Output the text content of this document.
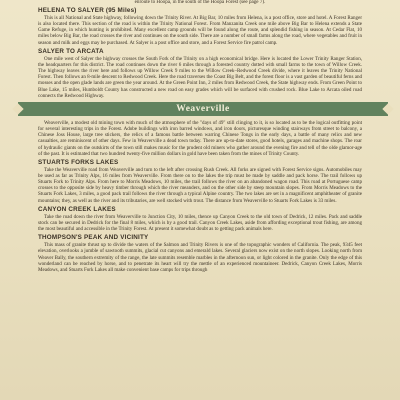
enroute to Hoopa, in the south of the Hoopa Forest (see page 7).
HELENA TO SALYER (95 Miles)

This is all National and State highway, following down the Trinity River. At Big Bar, 10 miles from Helena, is a post office, store and hotel. A Forest Ranger is also located there. This section of the road is within the Trinity National Forest. From Manzanita Creek one mile above Big Bar to Helena extends a State Game Refuge, in which hunting is prohibited. Many excellent camp grounds will be found along the route, and splendid fishing in season. At Cedar Flat, 10 miles below Big Bar, the road crosses the river and continues on the south side. There are a number of small farms along the road, where vegetables and fruit in season and milk and eggs may be purchased. At Salyer is a post office and store, and a Forest Service fire patrol camp.

SALYER TO ARCATA

One mile west of Salyer the highway crosses the South Fork of the Trinity on a high economical bridge. Here is located the Lower Trinity Ranger Station, the headquarters for this district. The road continues down the river 6 miles through a forested country dotted with small farms to the town of Willow Creek. The highway leaves the river here and follows up Willow Creek 9 miles to the Willow Creek–Redwood Creek divide, where it leaves the Trinity National Forest. Then follows an 8-mile descent to Redwood Creek. Here the road traverses the Coast Big Belt, and the forest floor is a vast garden of beautiful ferns and mosses and the open glade lands are green the year around. At the Green Point Inn, 2 miles from Redwood Creek, the State highway ends. From Green Point to Blue Lake, 15 miles, Humboldt County has constructed a new road on easy grades which will be surfaced with crushed rock. Blue Lake to Arcata oiled road connects the Redwood Highway.

Weaverville

Weaverville, a modest old mining town with much of the atmosphere of the "days of 49" still clinging to it, is so located as to be the logical outfitting point for several interesting trips in the Forest. Adobe buildings with iron barred windows, and iron doors, picturesque winding stairways from street to balcony, a Chinese Joss House, large tree stickers, the relics of a famous battle between warring Chinese Tongs in the early days, a battle of many relics and new casualties, are reminiscent of other days. Few in Weaverville a dead town today. There are up-to-date stores, good hotels, garages and machine shops. The roar of hydraulic giants on the outskirts of the town still makes music for the prudent old miners who gather around the evening fire and tell of the olde glamor-age of the past. It is estimated that two hundred twenty-five million dollars in gold have been taken from the mines of Trinity County.

STUARTS FORKS LAKES

Take the Weaverville road from Weaverville and turn to the left after crossing Rush Creek. All forks are signed with Forest Service signs. Automobiles may be used as far as Trinity Alps, 16 miles from Weaverville. From there on to the lakes the trip must be made by saddle and pack horse. The trail follows up Stuarts Fork to Trinity Alps. From here to Morris Meadows, 10 miles, the trail follows the river on an abandoned wagon road. This road at Portuguese camp crosses to the opposite side by heavy timber through which the river meanders, and on the other side by steep mountain slopes. From Morris Meadows to the Stuarts Fork Lakes, 3 miles, a good pack trail follows the river through a typical Alpine country. The two lakes are set in a magnificent amphitheater of granite mountains; they, as well as the river and its tributaries, are well stocked with trout. The distance from Weaverville to Stuarts Fork Lakes is 33 miles.

CANYON CREEK LAKES

Take the road down the river from Weaverville to Junction City, 10 miles, thence up Canyon Creek to the old town of Dedrick, 12 miles. Pack and saddle stock can be secured in Dedrick for the final 8 miles, which is by a good trail. Canyon Creek Lakes, aside from affording exceptional trout fishing, are among the most beautiful and accessible in the Trinity Forest. At present it somewhat doubt as to getting pack animals here.

THOMPSON'S PEAK AND VICINITY

This mass of granite thrust up to divide the waters of the Salmon and Trinity Rivers is one of the topographic wonders of California. The peak, 9345 feet elevation, overlooks a jumble of sawtooth summits, glacial cut canyons and emerald lakes. Several glaciers now exist on the north slopes. Looking north from Weaver Bally, the southern extremity of the range, the late summits resemble marbles in the afternoon sun, or light colored in the granite. Only the edge of this wonderland can be reached by horse, and to penetrate its heart will try the mettle of an experienced mountaineer. Dedrick, Canyon Creek Lakes, Morris Meadows, and Stuarts Fork Lakes all make convenient base camps for trips through
